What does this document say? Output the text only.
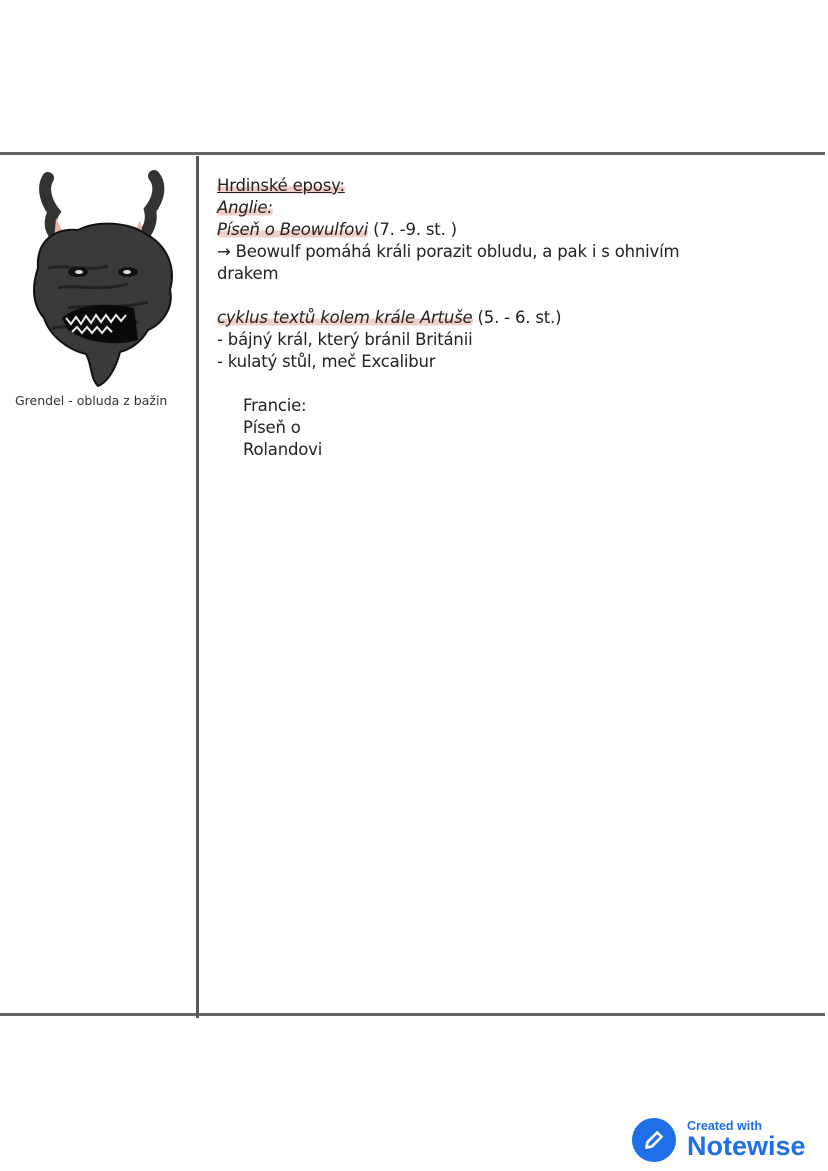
Grendel - obluda z bažin
Hrdinské eposy:
Anglie:
Píseň o Beowulfovi (7. -9. st. )
→ Beowulf pomáhá králi porazit obludu, a pak i s ohnivím
drakem
cyklus textů kolem krále Artuše (5. - 6. st.)
- bájný král, který bránil Británii
- kulatý stůl, meč Excalibur
Francie:
Píseň o
Rolandovi
Created with
Notewise
